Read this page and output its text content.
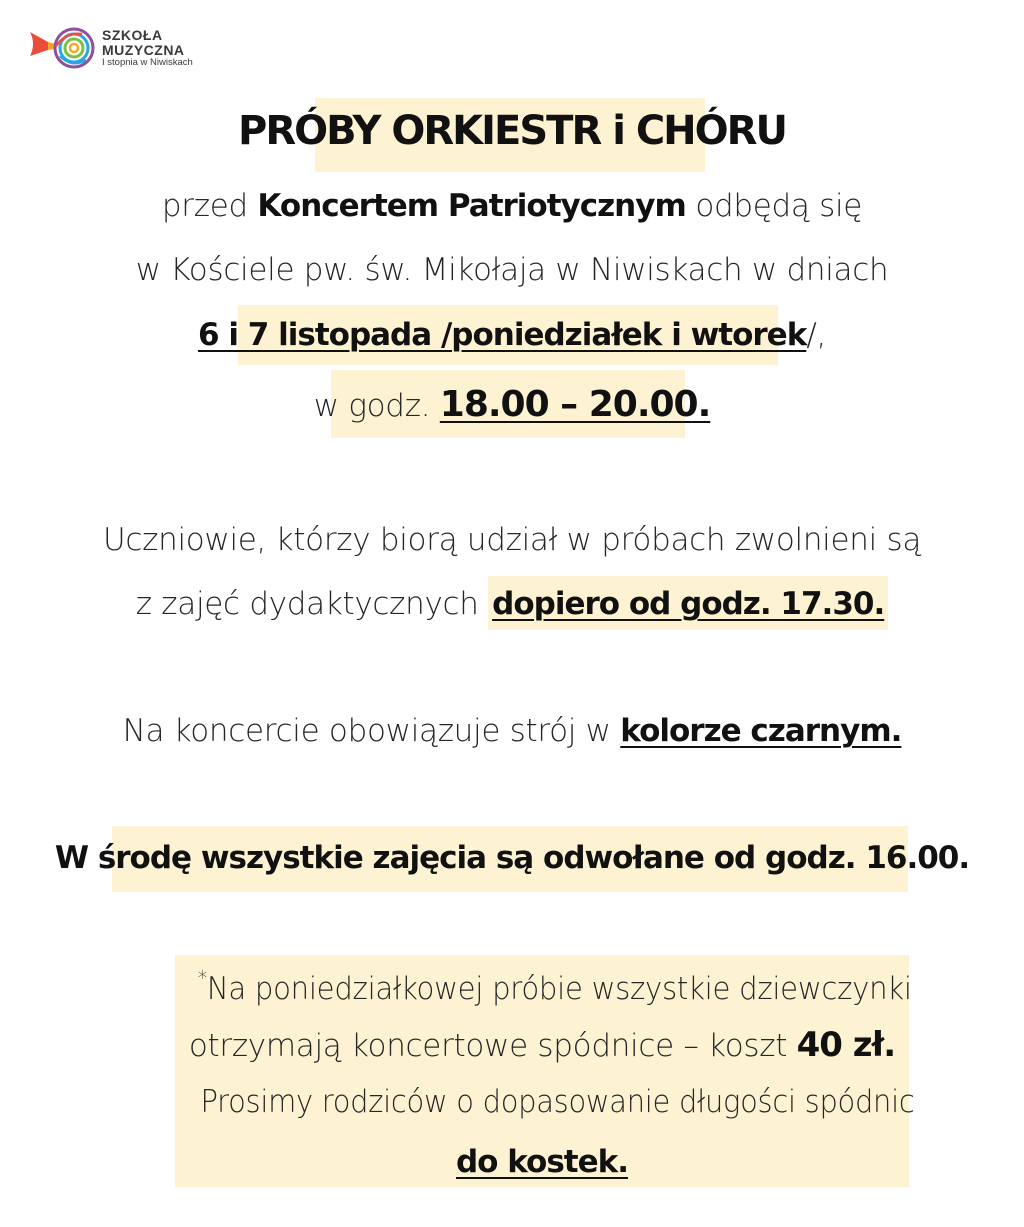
SZKOŁA
MUZYCZNA
I stopnia w Niwiskach
PRÓBY ORKIESTR i CHÓRU
przed Koncertem Patriotycznym odbędą się
w Kościele pw. św. Mikołaja w Niwiskach w dniach
6 i 7 listopada /poniedziałek i wtorek/,
w godz. 18.00 – 20.00.
Uczniowie, którzy biorą udział w próbach zwolnieni są
z zajęć dydaktycznych dopiero od godz. 17.30.
Na koncercie obowiązuje strój w kolorze czarnym.
W środę wszystkie zajęcia są odwołane od godz. 16.00.
*Na poniedziałkowej próbie wszystkie dziewczynki
otrzymają koncertowe spódnice – koszt 40 zł.
Prosimy rodziców o dopasowanie długości spódnic
do kostek.
